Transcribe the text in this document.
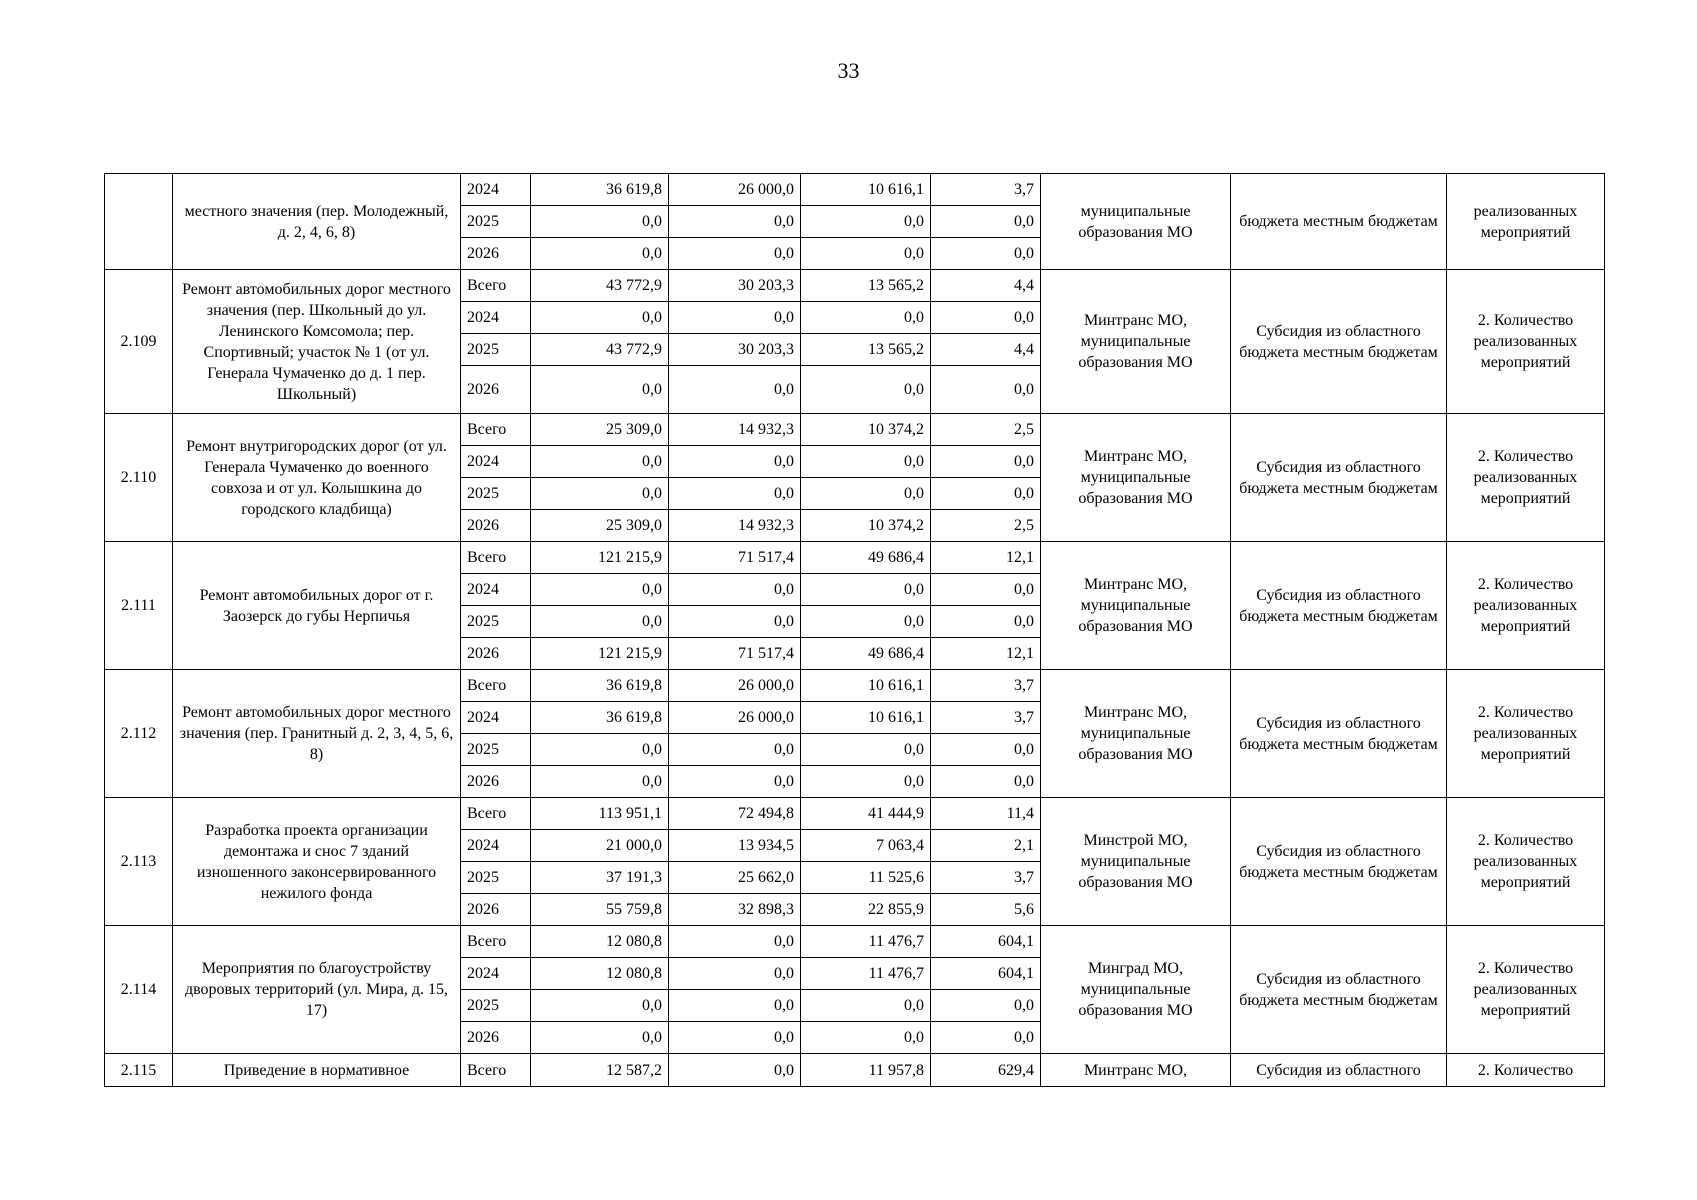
33
	местного значения (пер. Молодежный, д. 2, 4, 6, 8)	2024	36 619,8	26 000,0	10 616,1	3,7	муниципальные образования МО	бюджета местным бюджетам	реализованных мероприятий
		2025	0,0	0,0	0,0	0,0			
		2026	0,0	0,0	0,0	0,0			
2.109	Ремонт автомобильных дорог местного значения (пер. Школьный до ул. Ленинского Комсомола; пер. Спортивный; участок № 1 (от ул. Генерала Чумаченко до д. 1 пер. Школьный)	Всего	43 772,9	30 203,3	13 565,2	4,4	Минтранс МО, муниципальные образования МО	Субсидия из областного бюджета местным бюджетам	2. Количество реализованных мероприятий
		2024	0,0	0,0	0,0	0,0			
		2025	43 772,9	30 203,3	13 565,2	4,4			
		2026	0,0	0,0	0,0	0,0			
2.110	Ремонт внутригородских дорог (от ул. Генерала Чумаченко до военного совхоза и от ул. Колышкина до городского кладбища)	Всего	25 309,0	14 932,3	10 374,2	2,5	Минтранс МО, муниципальные образования МО	Субсидия из областного бюджета местным бюджетам	2. Количество реализованных мероприятий
		2024	0,0	0,0	0,0	0,0			
		2025	0,0	0,0	0,0	0,0			
		2026	25 309,0	14 932,3	10 374,2	2,5			
2.111	Ремонт автомобильных дорог от г. Заозерск до губы Нерпичья	Всего	121 215,9	71 517,4	49 686,4	12,1	Минтранс МО, муниципальные образования МО	Субсидия из областного бюджета местным бюджетам	2. Количество реализованных мероприятий
		2024	0,0	0,0	0,0	0,0			
		2025	0,0	0,0	0,0	0,0			
		2026	121 215,9	71 517,4	49 686,4	12,1			
2.112	Ремонт автомобильных дорог местного значения (пер. Гранитный д. 2, 3, 4, 5, 6, 8)	Всего	36 619,8	26 000,0	10 616,1	3,7	Минтранс МО, муниципальные образования МО	Субсидия из областного бюджета местным бюджетам	2. Количество реализованных мероприятий
		2024	36 619,8	26 000,0	10 616,1	3,7			
		2025	0,0	0,0	0,0	0,0			
		2026	0,0	0,0	0,0	0,0			
2.113	Разработка проекта организации демонтажа и снос 7 зданий изношенного законсервированного нежилого фонда	Всего	113 951,1	72 494,8	41 444,9	11,4	Минстрой МО, муниципальные образования МО	Субсидия из областного бюджета местным бюджетам	2. Количество реализованных мероприятий
		2024	21 000,0	13 934,5	7 063,4	2,1			
		2025	37 191,3	25 662,0	11 525,6	3,7			
		2026	55 759,8	32 898,3	22 855,9	5,6			
2.114	Мероприятия по благоустройству дворовых территорий (ул. Мира, д. 15, 17)	Всего	12 080,8	0,0	11 476,7	604,1	Минград МО, муниципальные образования МО	Субсидия из областного бюджета местным бюджетам	2. Количество реализованных мероприятий
		2024	12 080,8	0,0	11 476,7	604,1			
		2025	0,0	0,0	0,0	0,0			
		2026	0,0	0,0	0,0	0,0			
2.115	Приведение в нормативное	Всего	12 587,2	0,0	11 957,8	629,4	Минтранс МО,	Субсидия из областного	2. Количество
